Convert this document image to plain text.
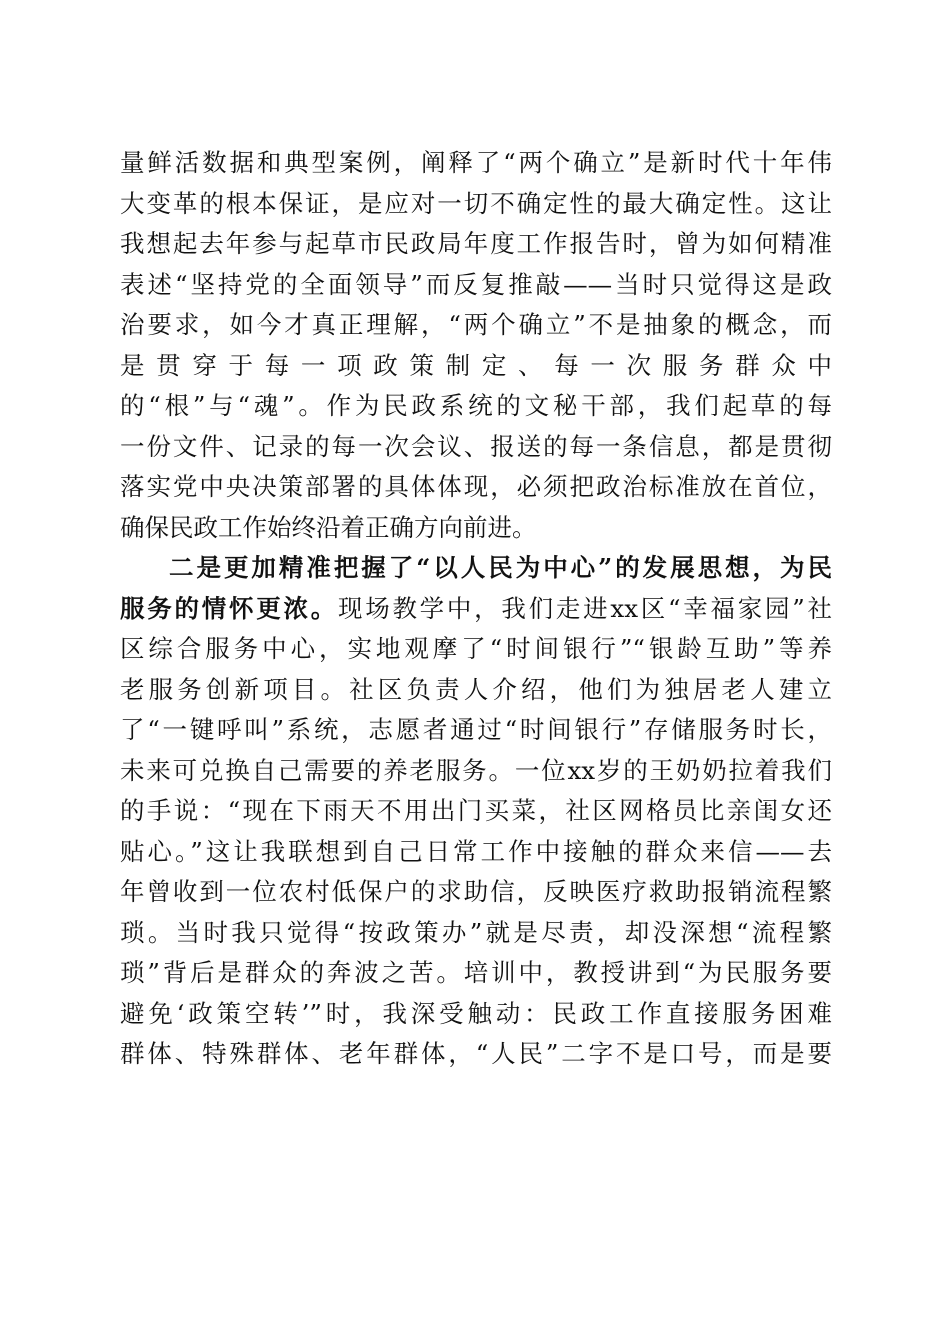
量鲜活数据和典型案例，阐释了“两个确立”是新时代十年伟
大变革的根本保证，是应对一切不确定性的最大确定性。这让
我想起去年参与起草市民政局年度工作报告时，曾为如何精准
表述“坚持党的全面领导”而反复推敲——当时只觉得这是政
治要求，如今才真正理解，“两个确立”不是抽象的概念，而
是贯穿于每一项政策制定、每一次服务群众中
的“根”与“魂”。作为民政系统的文秘干部，我们起草的每
一份文件、记录的每一次会议、报送的每一条信息，都是贯彻
落实党中央决策部署的具体体现，必须把政治标准放在首位，
确保民政工作始终沿着正确方向前进。
二是更加精准把握了“以人民为中心”的发展思想，为民
服务的情怀更浓。现场教学中，我们走进xx区“幸福家园”社
区综合服务中心，实地观摩了“时间银行”“银龄互助”等养
老服务创新项目。社区负责人介绍，他们为独居老人建立
了“一键呼叫”系统，志愿者通过“时间银行”存储服务时长，
未来可兑换自己需要的养老服务。一位xx岁的王奶奶拉着我们
的手说：“现在下雨天不用出门买菜，社区网格员比亲闺女还
贴心。”这让我联想到自己日常工作中接触的群众来信——去
年曾收到一位农村低保户的求助信，反映医疗救助报销流程繁
琐。当时我只觉得“按政策办”就是尽责，却没深想“流程繁
琐”背后是群众的奔波之苦。培训中，教授讲到“为民服务要
避免‘政策空转’”时，我深受触动：民政工作直接服务困难
群体、特殊群体、老年群体，“人民”二字不是口号，而是要
